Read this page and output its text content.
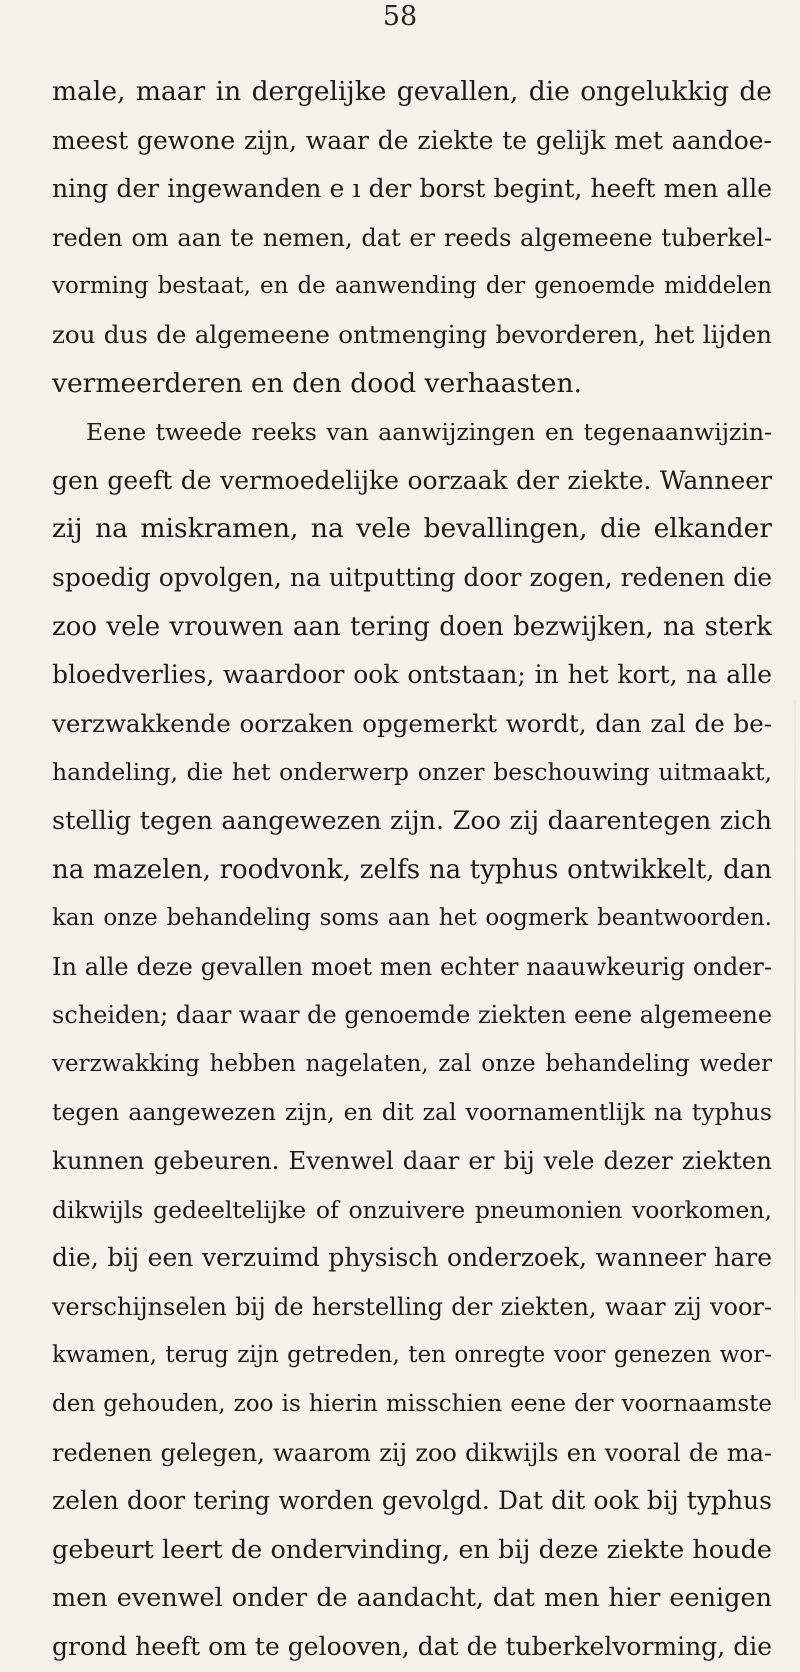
58
male, maar in dergelijke gevallen, die ongelukkig de
meest gewone zijn, waar de ziekte te gelijk met aandoe-
ning der ingewanden e ı der borst begint, heeft men alle
reden om aan te nemen, dat er reeds algemeene tuberkel-
vorming bestaat, en de aanwending der genoemde middelen
zou dus de algemeene ontmenging bevorderen, het lijden
vermeerderen en den dood verhaasten.
Eene tweede reeks van aanwijzingen en tegenaanwijzin-
gen geeft de vermoedelijke oorzaak der ziekte. Wanneer
zij na miskramen, na vele bevallingen, die elkander
spoedig opvolgen, na uitputting door zogen, redenen die
zoo vele vrouwen aan tering doen bezwijken, na sterk
bloedverlies, waardoor ook ontstaan; in het kort, na alle
verzwakkende oorzaken opgemerkt wordt, dan zal de be-
handeling, die het onderwerp onzer beschouwing uitmaakt,
stellig tegen aangewezen zijn. Zoo zij daarentegen zich
na mazelen, roodvonk, zelfs na typhus ontwikkelt, dan
kan onze behandeling soms aan het oogmerk beantwoorden.
In alle deze gevallen moet men echter naauwkeurig onder-
scheiden; daar waar de genoemde ziekten eene algemeene
verzwakking hebben nagelaten, zal onze behandeling weder
tegen aangewezen zijn, en dit zal voornamentlijk na typhus
kunnen gebeuren. Evenwel daar er bij vele dezer ziekten
dikwijls gedeeltelijke of onzuivere pneumonien voorkomen,
die, bij een verzuimd physisch onderzoek, wanneer hare
verschijnselen bij de herstelling der ziekten, waar zij voor-
kwamen, terug zijn getreden, ten onregte voor genezen wor-
den gehouden, zoo is hierin misschien eene der voornaamste
redenen gelegen, waarom zij zoo dikwijls en vooral de ma-
zelen door tering worden gevolgd. Dat dit ook bij typhus
gebeurt leert de ondervinding, en bij deze ziekte houde
men evenwel onder de aandacht, dat men hier eenigen
grond heeft om te gelooven, dat de tuberkelvorming, die
